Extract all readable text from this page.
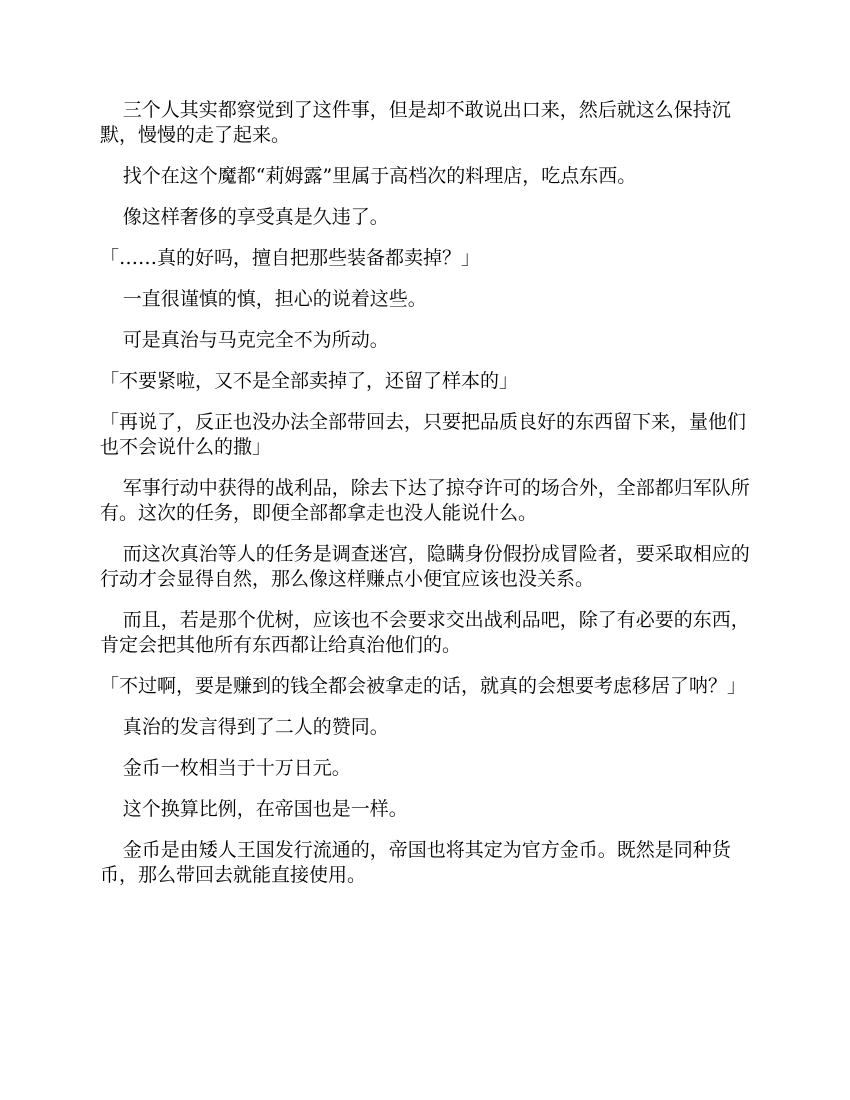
三个人其实都察觉到了这件事，但是却不敢说出口来，然后就这么保持沉默，慢慢的走了起来。

找个在这个魔都“莉姆露”里属于高档次的料理店，吃点东西。

像这样奢侈的享受真是久违了。

「……真的好吗，擅自把那些装备都卖掉？」

一直很谨慎的慎，担心的说着这些。

可是真治与马克完全不为所动。

「不要紧啦，又不是全部卖掉了，还留了样本的」

「再说了，反正也没办法全部带回去，只要把品质良好的东西留下来，量他们也不会说什么的撒」

军事行动中获得的战利品，除去下达了掠夺许可的场合外，全部都归军队所有。这次的任务，即便全部都拿走也没人能说什么。

而这次真治等人的任务是调查迷宫，隐瞒身份假扮成冒险者，要采取相应的行动才会显得自然，那么像这样赚点小便宜应该也没关系。

而且，若是那个优树，应该也不会要求交出战利品吧，除了有必要的东西，肯定会把其他所有东西都让给真治他们的。

「不过啊，要是赚到的钱全都会被拿走的话，就真的会想要考虑移居了呐？」

真治的发言得到了二人的赞同。

金币一枚相当于十万日元。

这个换算比例，在帝国也是一样。

金币是由矮人王国发行流通的，帝国也将其定为官方金币。既然是同种货币，那么带回去就能直接使用。
